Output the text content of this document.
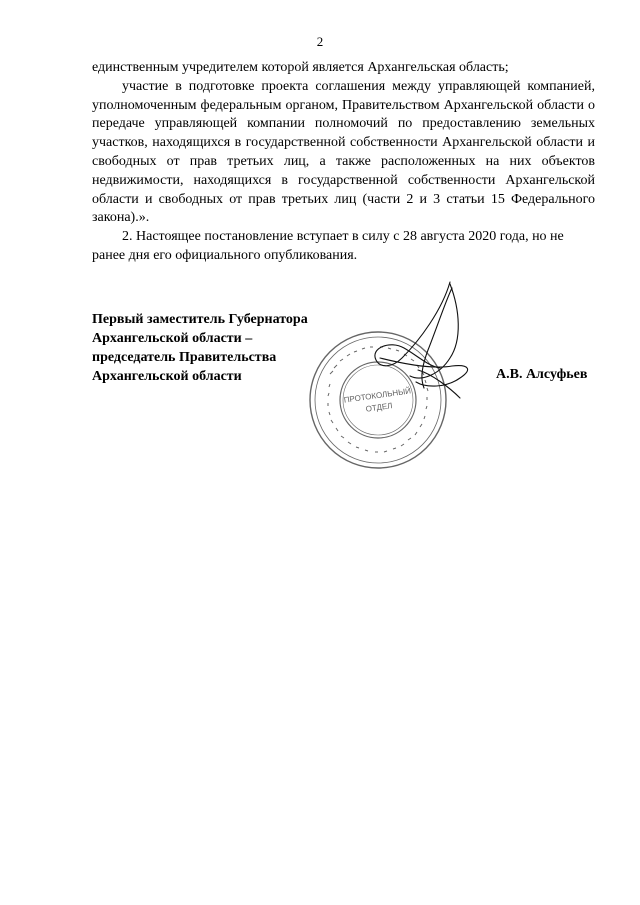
2

единственным учредителем которой является Архангельская область;

участие в подготовке проекта соглашения между управляющей компанией, уполномоченным федеральным органом, Правительством Архангельской области о передаче управляющей компании полномочий по предоставлению земельных участков, находящихся в государственной собственности Архангельской области и свободных от прав третьих лиц, а также расположенных на них объектов недвижимости, находящихся в государственной собственности Архангельской области и свободных от прав третьих лиц (части 2 и 3 статьи 15 Федерального закона).».

2. Настоящее постановление вступает в силу с 28 августа 2020 года, но не ранее дня его официального опубликования.

Первый заместитель Губернатора
Архангельской области –
председатель Правительства
Архангельской области	А.В. Алсуфьев
ПРОТОКОЛЬНЫЙ
ОТДЕЛ
